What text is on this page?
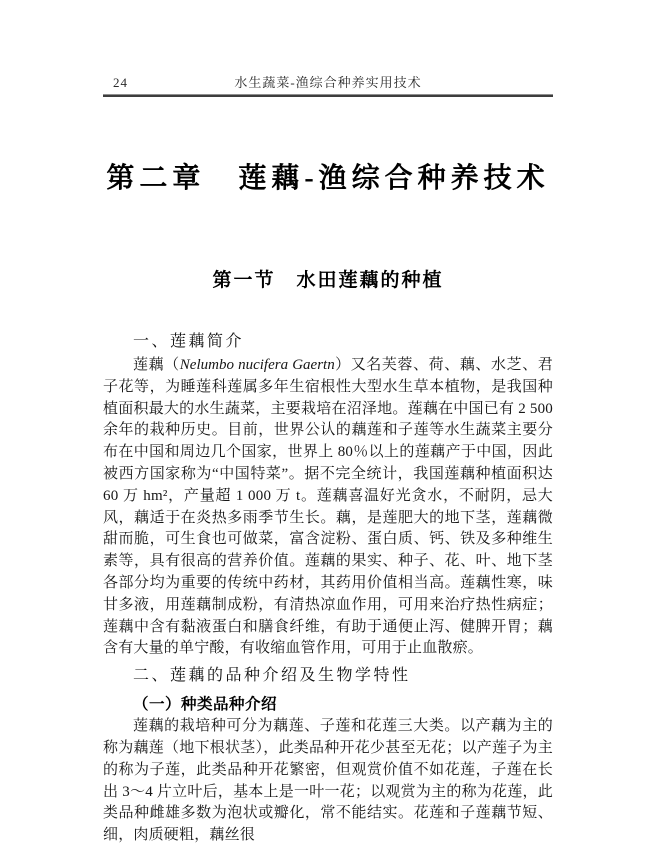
24	水生蔬菜-渔综合种养实用技术
第二章　莲藕-渔综合种养技术
第一节　水田莲藕的种植
一、莲藕简介

莲藕（Nelumbo nucifera Gaertn）又名芙蓉、荷、藕、水芝、君子花等，为睡莲科莲属多年生宿根性大型水生草本植物，是我国种植面积最大的水生蔬菜，主要栽培在沼泽地。莲藕在中国已有 2 500 余年的栽种历史。目前，世界公认的藕莲和子莲等水生蔬菜主要分布在中国和周边几个国家，世界上 80％以上的莲藕产于中国，因此被西方国家称为“中国特菜”。据不完全统计，我国莲藕种植面积达 60 万 hm²，产量超 1 000 万 t。莲藕喜温好光贪水，不耐阴，忌大风，藕适于在炎热多雨季节生长。藕，是莲肥大的地下茎，莲藕微甜而脆，可生食也可做菜，富含淀粉、蛋白质、钙、铁及多种维生素等，具有很高的营养价值。莲藕的果实、种子、花、叶、地下茎各部分均为重要的传统中药材，其药用价值相当高。莲藕性寒，味甘多液，用莲藕制成粉，有清热凉血作用，可用来治疗热性病症；莲藕中含有黏液蛋白和膳食纤维，有助于通便止泻、健脾开胃；藕含有大量的单宁酸，有收缩血管作用，可用于止血散瘀。

二、莲藕的品种介绍及生物学特性
（一）种类品种介绍

莲藕的栽培种可分为藕莲、子莲和花莲三大类。以产藕为主的称为藕莲（地下根状茎），此类品种开花少甚至无花；以产莲子为主的称为子莲，此类品种开花繁密，但观赏价值不如花莲，子莲在长出 3～4 片立叶后，基本上是一叶一花；以观赏为主的称为花莲，此类品种雌雄多数为泡状或瓣化，常不能结实。花莲和子莲藕节短、细，肉质硬粗，藕丝很
